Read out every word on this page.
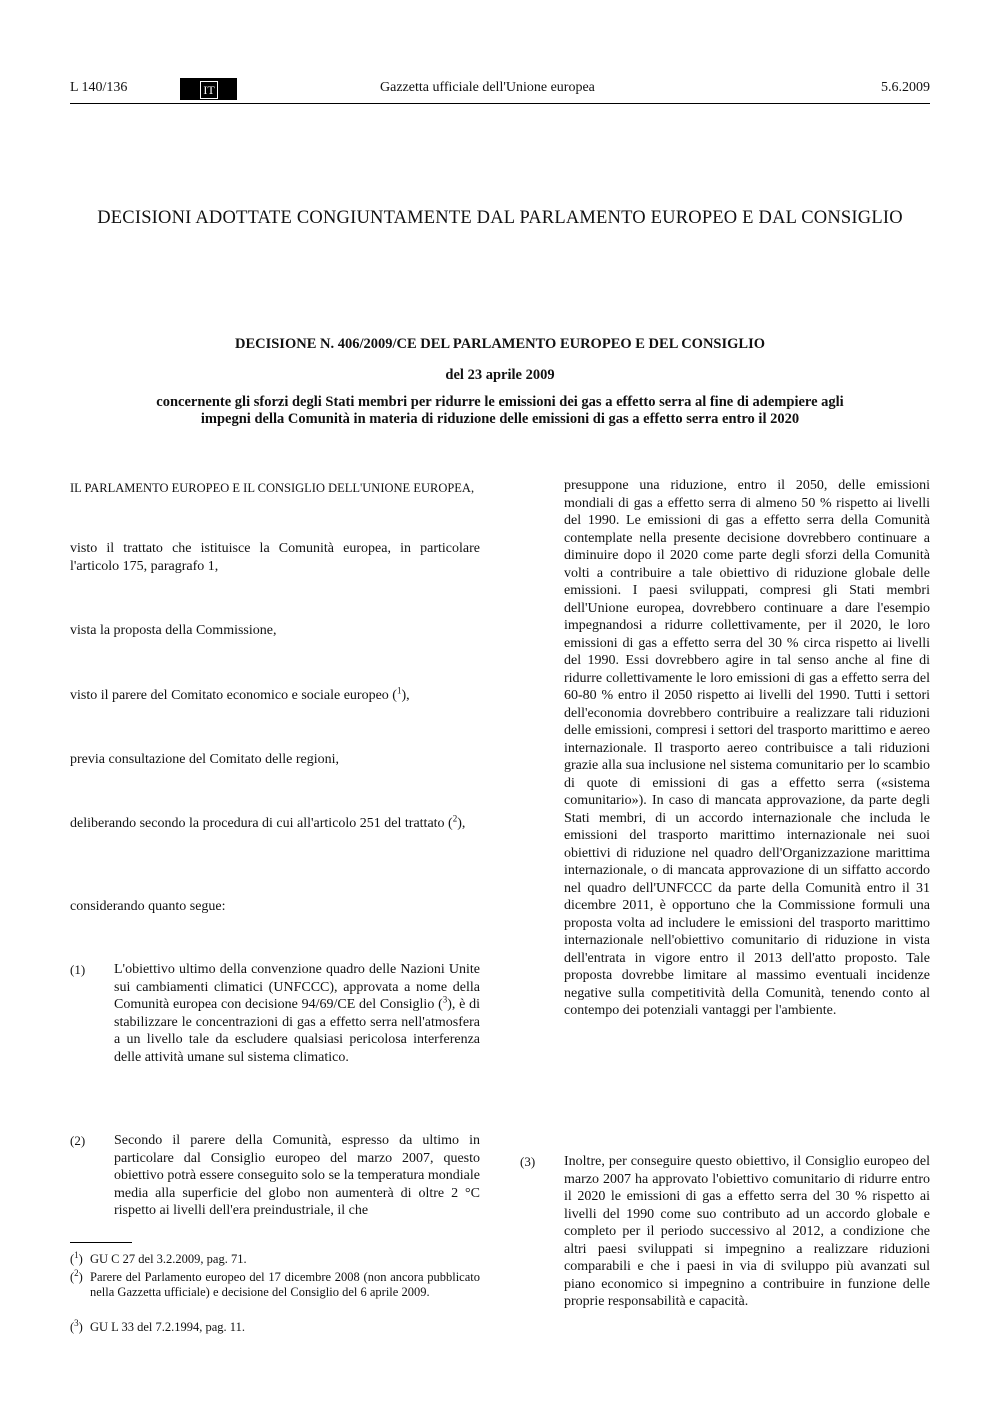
L 140/136	IT	Gazzetta ufficiale dell'Unione europea	5.6.2009
DECISIONI ADOTTATE CONGIUNTAMENTE DAL PARLAMENTO EUROPEO E DAL CONSIGLIO
DECISIONE N. 406/2009/CE DEL PARLAMENTO EUROPEO E DEL CONSIGLIO
del 23 aprile 2009
concernente gli sforzi degli Stati membri per ridurre le emissioni dei gas a effetto serra al fine di adempiere agli impegni della Comunità in materia di riduzione delle emissioni di gas a effetto serra entro il 2020
IL PARLAMENTO EUROPEO E IL CONSIGLIO DELL'UNIONE EUROPEA,
visto il trattato che istituisce la Comunità europea, in particolare l'articolo 175, paragrafo 1,
vista la proposta della Commissione,
visto il parere del Comitato economico e sociale europeo ($^1$),
previa consultazione del Comitato delle regioni,
deliberando secondo la procedura di cui all'articolo 251 del trattato ($^2$),
considerando quanto segue:
(1)	L'obiettivo ultimo della convenzione quadro delle Nazioni Unite sui cambiamenti climatici (UNFCCC), approvata a nome della Comunità europea con decisione 94/69/CE del Consiglio ($^3$), è di stabilizzare le concentrazioni di gas a effetto serra nell'atmosfera a un livello tale da escludere qualsiasi pericolosa interferenza delle attività umane sul sistema climatico.
(2)	Secondo il parere della Comunità, espresso da ultimo in particolare dal Consiglio europeo del marzo 2007, questo obiettivo potrà essere conseguito solo se la temperatura mondiale media alla superficie del globo non aumenterà di oltre 2 °C rispetto ai livelli dell'era preindustriale, il che
($^1$) GU C 27 del 3.2.2009, pag. 71.
($^2$) Parere del Parlamento europeo del 17 dicembre 2008 (non ancora pubblicato nella Gazzetta ufficiale) e decisione del Consiglio del 6 aprile 2009.
($^3$) GU L 33 del 7.2.1994, pag. 11.
presuppone una riduzione, entro il 2050, delle emissioni mondiali di gas a effetto serra di almeno 50 % rispetto ai livelli del 1990. Le emissioni di gas a effetto serra della Comunità contemplate nella presente decisione dovrebbero continuare a diminuire dopo il 2020 come parte degli sforzi della Comunità volti a contribuire a tale obiettivo di riduzione globale delle emissioni. I paesi sviluppati, compresi gli Stati membri dell'Unione europea, dovrebbero continuare a dare l'esempio impegnandosi a ridurre collettivamente, per il 2020, le loro emissioni di gas a effetto serra del 30 % circa rispetto ai livelli del 1990. Essi dovrebbero agire in tal senso anche al fine di ridurre collettivamente le loro emissioni di gas a effetto serra del 60-80 % entro il 2050 rispetto ai livelli del 1990. Tutti i settori dell'economia dovrebbero contribuire a realizzare tali riduzioni delle emissioni, compresi i settori del trasporto marittimo e aereo internazionale. Il trasporto aereo contribuisce a tali riduzioni grazie alla sua inclusione nel sistema comunitario per lo scambio di quote di emissioni di gas a effetto serra («sistema comunitario»). In caso di mancata approvazione, da parte degli Stati membri, di un accordo internazionale che includa le emissioni del trasporto marittimo internazionale nei suoi obiettivi di riduzione nel quadro dell'Organizzazione marittima internazionale, o di mancata approvazione di un siffatto accordo nel quadro dell'UNFCCC da parte della Comunità entro il 31 dicembre 2011, è opportuno che la Commissione formuli una proposta volta ad includere le emissioni del trasporto marittimo internazionale nell'obiettivo comunitario di riduzione in vista dell'entrata in vigore entro il 2013 dell'atto proposto. Tale proposta dovrebbe limitare al massimo eventuali incidenze negative sulla competitività della Comunità, tenendo conto al contempo dei potenziali vantaggi per l'ambiente.
(3)	Inoltre, per conseguire questo obiettivo, il Consiglio europeo del marzo 2007 ha approvato l'obiettivo comunitario di ridurre entro il 2020 le emissioni di gas a effetto serra del 30 % rispetto ai livelli del 1990 come suo contributo ad un accordo globale e completo per il periodo successivo al 2012, a condizione che altri paesi sviluppati si impegnino a realizzare riduzioni comparabili e che i paesi in via di sviluppo più avanzati sul piano economico si impegnino a contribuire in funzione delle proprie responsabilità e capacità.
